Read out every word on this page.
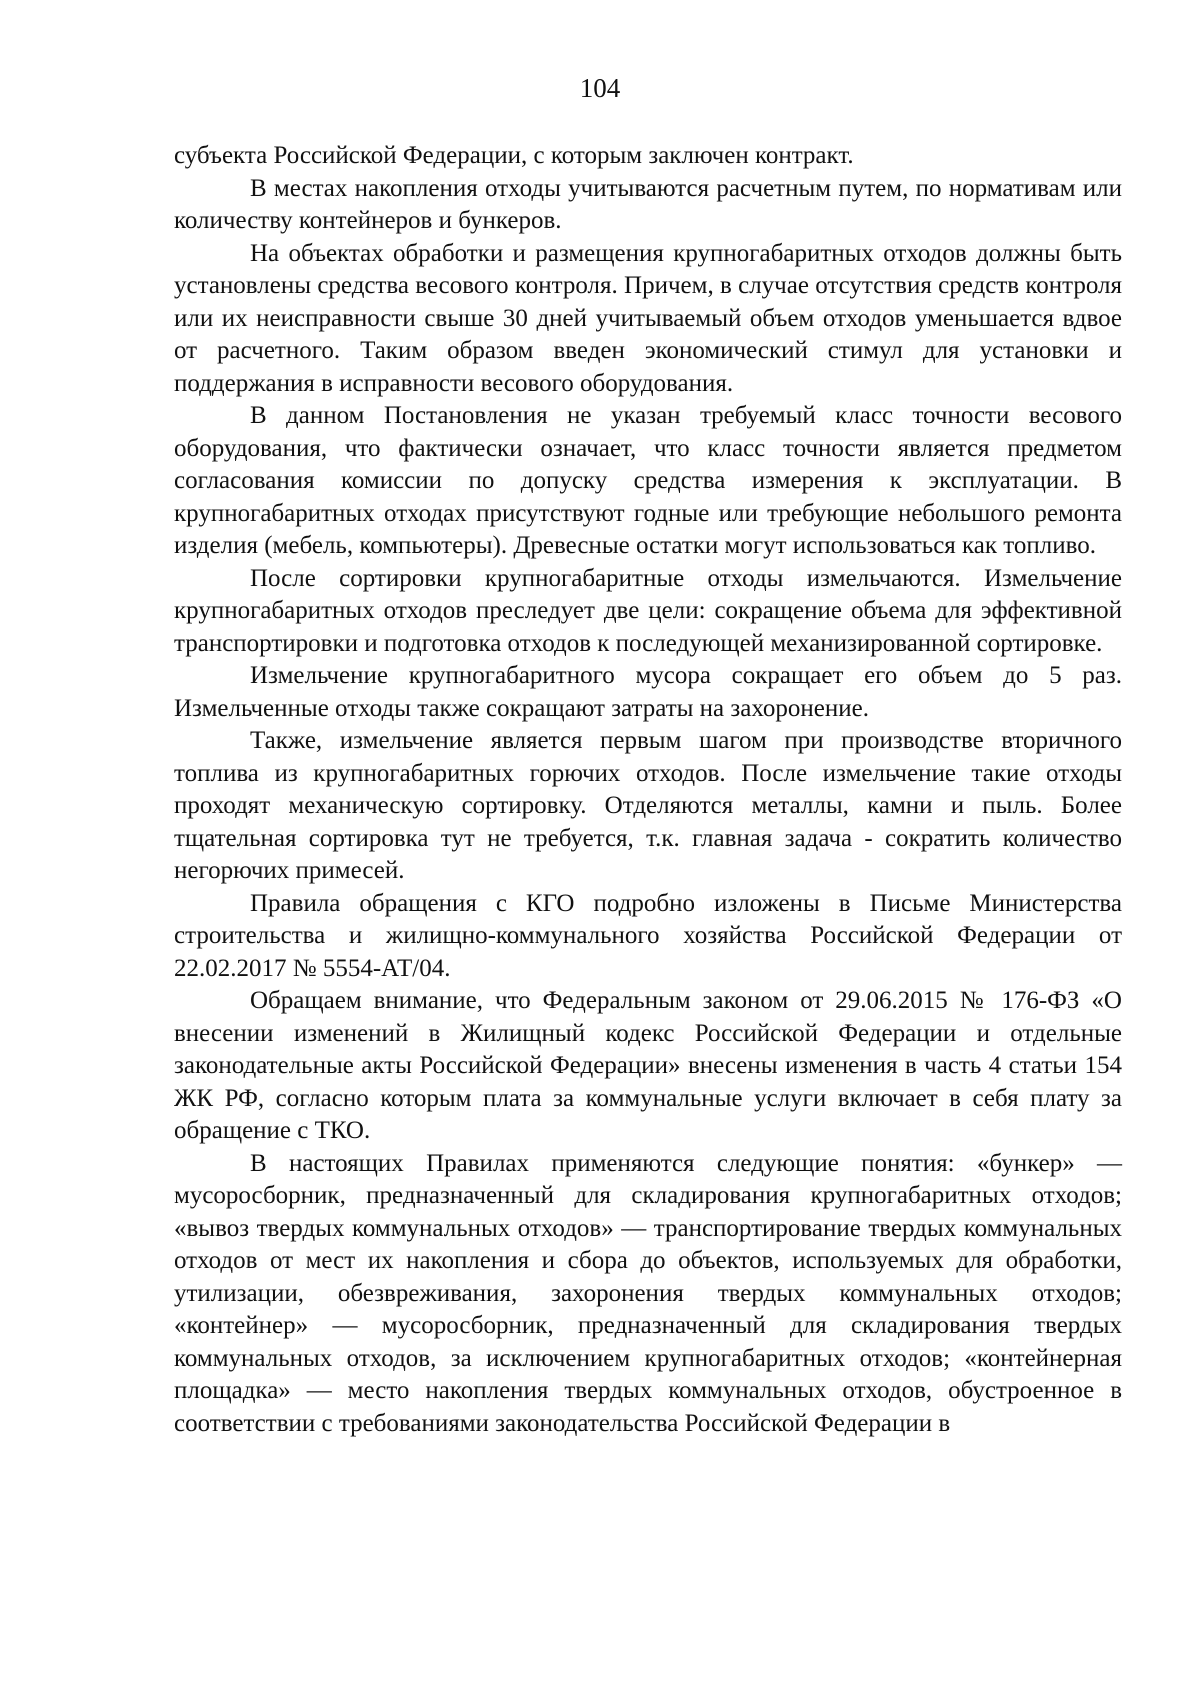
104

субъекта Российской Федерации, с которым заключен контракт.

В местах накопления отходы учитываются расчетным путем, по нормативам или количеству контейнеров и бункеров.

На объектах обработки и размещения крупногабаритных отходов должны быть установлены средства весового контроля. Причем, в случае отсутствия средств контроля или их неисправности свыше 30 дней учитываемый объем отходов уменьшается вдвое от расчетного. Таким образом введен экономический стимул для установки и поддержания в исправности весового оборудования.

В данном Постановления не указан требуемый класс точности весового оборудования, что фактически означает, что класс точности является предметом согласования комиссии по допуску средства измерения к эксплуатации. В крупногабаритных отходах присутствуют годные или требующие небольшого ремонта изделия (мебель, компьютеры). Древесные остатки могут использоваться как топливо.

После сортировки крупногабаритные отходы измельчаются. Измельчение крупногабаритных отходов преследует две цели: сокращение объема для эффективной транспортировки и подготовка отходов к последующей механизированной сортировке.

Измельчение крупногабаритного мусора сокращает его объем до 5 раз. Измельченные отходы также сокращают затраты на захоронение.

Также, измельчение является первым шагом при производстве вторичного топлива из крупногабаритных горючих отходов. После измельчение такие отходы проходят механическую сортировку. Отделяются металлы, камни и пыль. Более тщательная сортировка тут не требуется, т.к. главная задача - сократить количество негорючих примесей.

Правила обращения с КГО подробно изложены в Письме Министерства строительства и жилищно-коммунального хозяйства Российской Федерации от 22.02.2017 № 5554-АТ/04.

Обращаем внимание, что Федеральным законом от 29.06.2015 № 176-ФЗ «О внесении изменений в Жилищный кодекс Российской Федерации и отдельные законодательные акты Российской Федерации» внесены изменения в часть 4 статьи 154 ЖК РФ, согласно которым плата за коммунальные услуги включает в себя плату за обращение с ТКО.

В настоящих Правилах применяются следующие понятия: «бункер» — мусоросборник, предназначенный для складирования крупногабаритных отходов; «вывоз твердых коммунальных отходов» — транспортирование твердых коммунальных отходов от мест их накопления и сбора до объектов, используемых для обработки, утилизации, обезвреживания, захоронения твердых коммунальных отходов; «контейнер» — мусоросборник, предназначенный для складирования твердых коммунальных отходов, за исключением крупногабаритных отходов; «контейнерная площадка» — место накопления твердых коммунальных отходов, обустроенное в соответствии с требованиями законодательства Российской Федерации в
